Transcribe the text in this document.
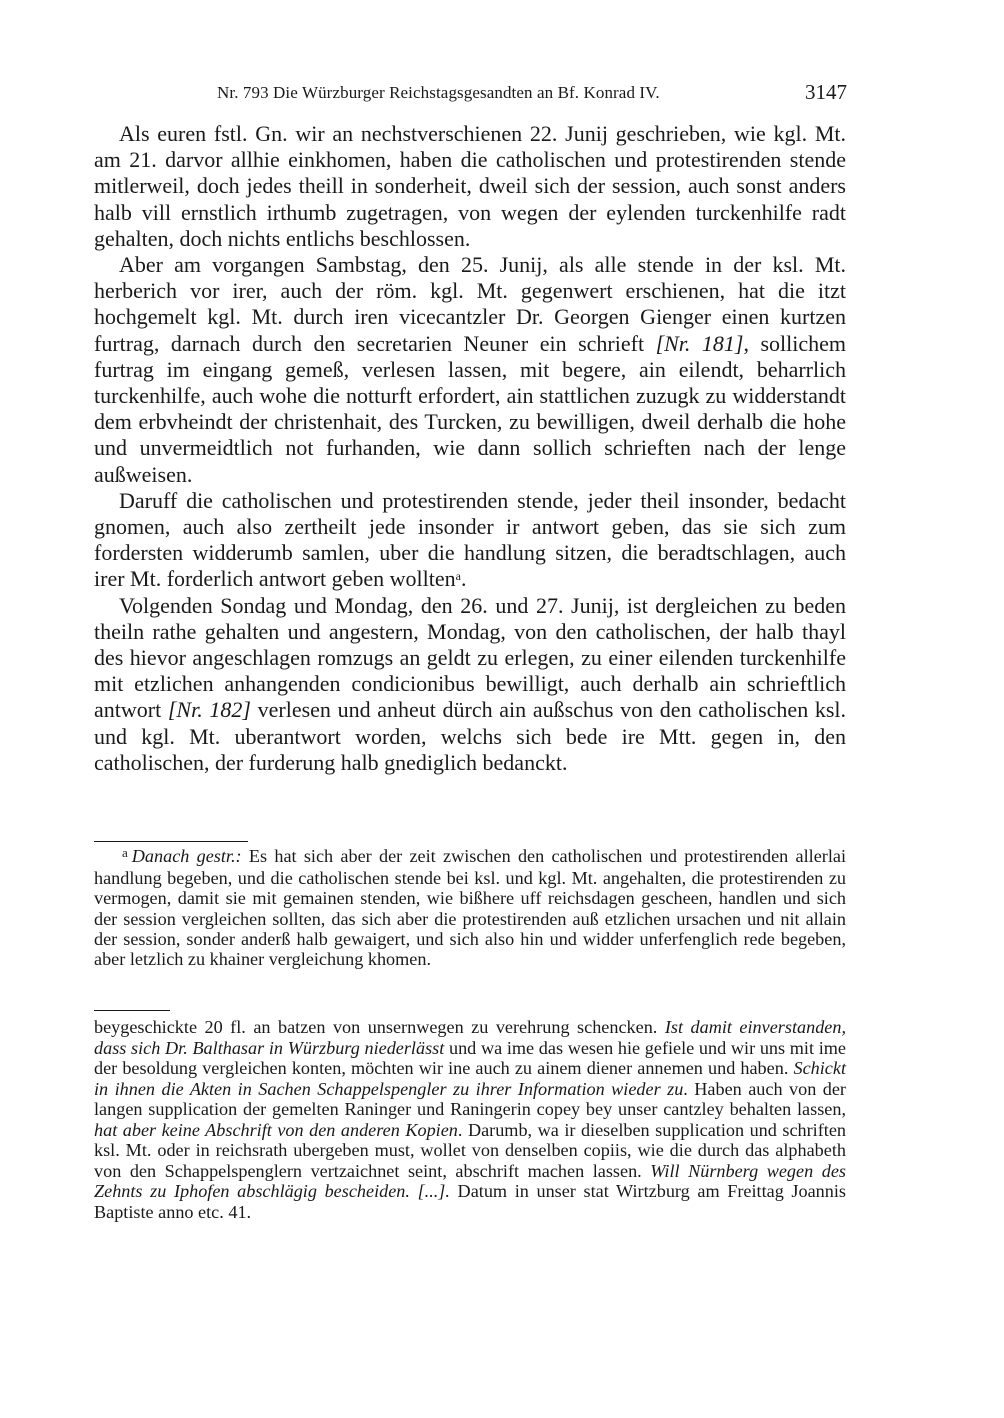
Nr. 793 Die Würzburger Reichstagsgesandten an Bf. Konrad IV.	3147

Als euren fstl. Gn. wir an nechstverschienen 22. Junij geschrieben, wie kgl. Mt. am 21. darvor allhie einkhomen, haben die catholischen und protestirenden stende mitlerweil, doch jedes theill in sonderheit, dweil sich der session, auch sonst anders halb vill ernstlich irthumb zugetragen, von wegen der eylenden turckenhilfe radt gehalten, doch nichts entlichs beschlossen.

Aber am vorgangen Sambstag, den 25. Junij, als alle stende in der ksl. Mt. herberich vor irer, auch der röm. kgl. Mt. gegenwert erschienen, hat die itzt hochgemelt kgl. Mt. durch iren vicecantzler Dr. Georgen Gienger einen kurtzen furtrag, darnach durch den secretarien Neuner ein schrieft [Nr. 181], sollichem furtrag im eingang gemeß, verlesen lassen, mit begere, ain eilendt, beharrlich turckenhilfe, auch wohe die notturft erfordert, ain stattlichen zuzugk zu widderstandt dem erbvheindt der christenhait, des Turcken, zu bewilligen, dweil derhalb die hohe und unvermeidtlich not furhanden, wie dann sollich schrieften nach der lenge außweisen.

Daruff die catholischen und protestirenden stende, jeder theil insonder, bedacht gnomen, auch also zertheilt jede insonder ir antwort geben, das sie sich zum fordersten widderumb samlen, uber die handlung sitzen, die beradtschlagen, auch irer Mt. forderlich antwort geben wollten$^a$.

Volgenden Sondag und Mondag, den 26. und 27. Junij, ist dergleichen zu beden theiln rathe gehalten und angestern, Mondag, von den catholischen, der halb thayl des hievor angeschlagen romzugs an geldt zu erlegen, zu einer eilenden turckenhilfe mit etzlichen anhangenden condicionibus bewilligt, auch derhalb ain schrieftlich antwort [Nr. 182] verlesen und anheut dürch ain außschus von den catholischen ksl. und kgl. Mt. uberantwort worden, welchs sich bede ire Mtt. gegen in, den catholischen, der furderung halb gnediglich bedanckt.

$^a$ Danach gestr.: Es hat sich aber der zeit zwischen den catholischen und protestirenden allerlai handlung begeben, und die catholischen stende bei ksl. und kgl. Mt. angehalten, die protestirenden zu vermogen, damit sie mit gemainen stenden, wie bißhere uff reichsdagen gescheen, handlen und sich der session vergleichen sollten, das sich aber die protestirenden auß etzlichen ursachen und nit allain der session, sonder anderß halb gewaigert, und sich also hin und widder unferfenglich rede begeben, aber letzlich zu khainer vergleichung khomen.

beygeschickte 20 fl. an batzen von unsernwegen zu verehrung schencken. Ist damit einverstanden, dass sich Dr. Balthasar in Würzburg niederlässt und wa ime das wesen hie gefiele und wir uns mit ime der besoldung vergleichen konten, möchten wir ine auch zu ainem diener annemen und haben. Schickt in ihnen die Akten in Sachen Schappelspengler zu ihrer Information wieder zu. Haben auch von der langen supplication der gemelten Raninger und Raningerin copey bey unser cantzley behalten lassen, hat aber keine Abschrift von den anderen Kopien. Darumb, wa ir dieselben supplication und schriften ksl. Mt. oder in reichsrath ubergeben must, wollet von denselben copiis, wie die durch das alphabeth von den Schappelspenglern vertzaichnet seint, abschrift machen lassen. Will Nürnberg wegen des Zehnts zu Iphofen abschlägig bescheiden. [...]. Datum in unser stat Wirtzburg am Freittag Joannis Baptiste anno etc. 41.
